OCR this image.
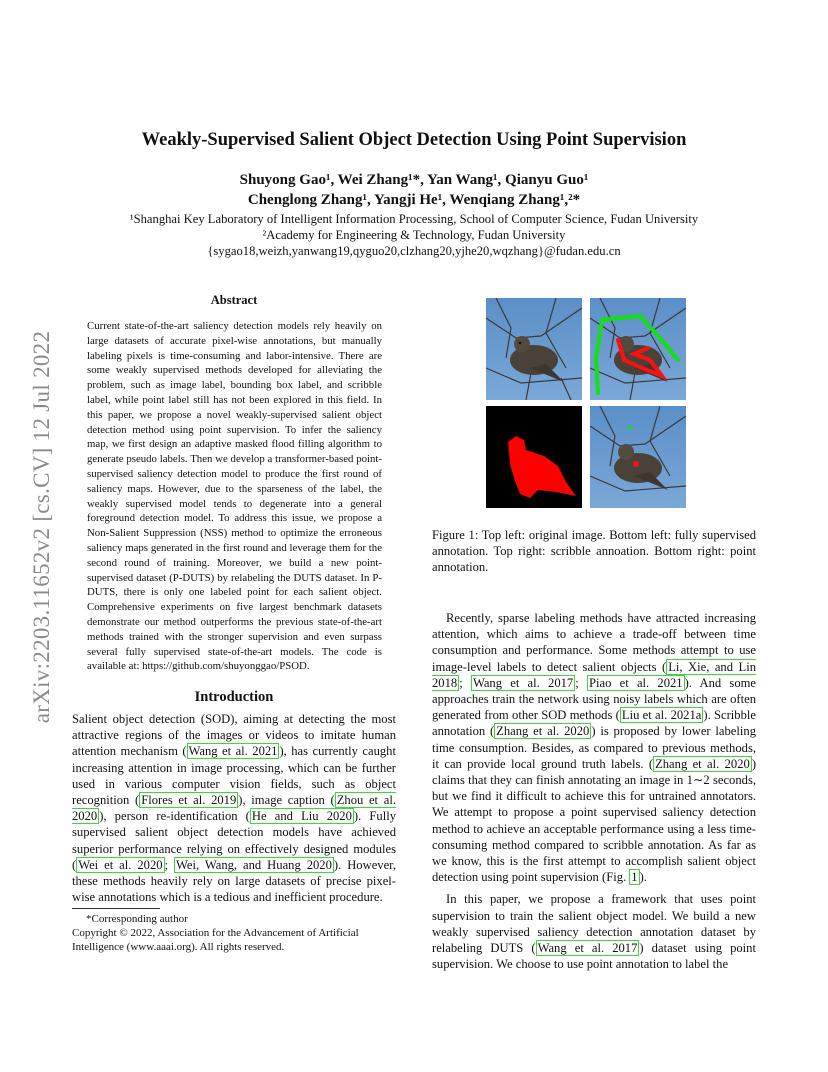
arXiv:2203.11652v2 [cs.CV] 12 Jul 2022
Weakly-Supervised Salient Object Detection Using Point Supervision
Shuyong Gao¹, Wei Zhang¹*, Yan Wang¹, Qianyu Guo¹
Chenglong Zhang¹, Yangji He¹, Wenqiang Zhang¹,²*
¹Shanghai Key Laboratory of Intelligent Information Processing, School of Computer Science, Fudan University
²Academy for Engineering & Technology, Fudan University
{sygao18,weizh,yanwang19,qyguo20,clzhang20,yjhe20,wqzhang}@fudan.edu.cn
Abstract

Current state-of-the-art saliency detection models rely heavily on large datasets of accurate pixel-wise annotations, but manually labeling pixels is time-consuming and labor-intensive. There are some weakly supervised methods developed for alleviating the problem, such as image label, bounding box label, and scribble label, while point label still has not been explored in this field. In this paper, we propose a novel weakly-supervised salient object detection method using point supervision. To infer the saliency map, we first design an adaptive masked flood filling algorithm to generate pseudo labels. Then we develop a transformer-based point-supervised saliency detection model to produce the first round of saliency maps. However, due to the sparseness of the label, the weakly supervised model tends to degenerate into a general foreground detection model. To address this issue, we propose a Non-Salient Suppression (NSS) method to optimize the erroneous saliency maps generated in the first round and leverage them for the second round of training. Moreover, we build a new point-supervised dataset (P-DUTS) by relabeling the DUTS dataset. In P-DUTS, there is only one labeled point for each salient object. Comprehensive experiments on five largest benchmark datasets demonstrate our method outperforms the previous state-of-the-art methods trained with the stronger supervision and even surpass several fully supervised state-of-the-art models. The code is available at: https://github.com/shuyonggao/PSOD.

Introduction

Salient object detection (SOD), aiming at detecting the most attractive regions of the images or videos to imitate human attention mechanism ( Wang et al. 2021 ), has currently caught increasing attention in image processing, which can be further used in various computer vision fields, such as object recognition ( Flores et al. 2019 ), image caption ( Zhou et al. 2020 ), person re-identification ( He and Liu 2020 ). Fully supervised salient object detection models have achieved superior performance relying on effectively designed modules ( Wei et al. 2020 ; Wei, Wang, and Huang 2020 ). However, these methods heavily rely on large datasets of precise pixel-wise annotations which is a tedious and inefficient procedure.

*Corresponding author

Copyright © 2022, Association for the Advancement of Artificial Intelligence (www.aaai.org). All rights reserved.

Figure 1: Top left: original image. Bottom left: fully supervised annotation. Top right: scribble annoation. Bottom right: point annotation.

Recently, sparse labeling methods have attracted increasing attention, which aims to achieve a trade-off between time consumption and performance. Some methods attempt to use image-level labels to detect salient objects ( Li, Xie, and Lin 2018 ; Wang et al. 2017 ; Piao et al. 2021 ). And some approaches train the network using noisy labels which are often generated from other SOD methods ( Liu et al. 2021a ). Scribble annotation ( Zhang et al. 2020 ) is proposed by lower labeling time consumption. Besides, as compared to previous methods, it can provide local ground truth labels. ( Zhang et al. 2020 ) claims that they can finish annotating an image in 1∼2 seconds, but we find it difficult to achieve this for untrained annotators. We attempt to propose a point supervised saliency detection method to achieve an acceptable performance using a less time-consuming method compared to scribble annotation. As far as we know, this is the first attempt to accomplish salient object detection using point supervision (Fig. 1 ).

In this paper, we propose a framework that uses point supervision to train the salient object model. We build a new weakly supervised saliency detection annotation dataset by relabeling DUTS ( Wang et al. 2017 ) dataset using point supervision. We choose to use point annotation to label the
